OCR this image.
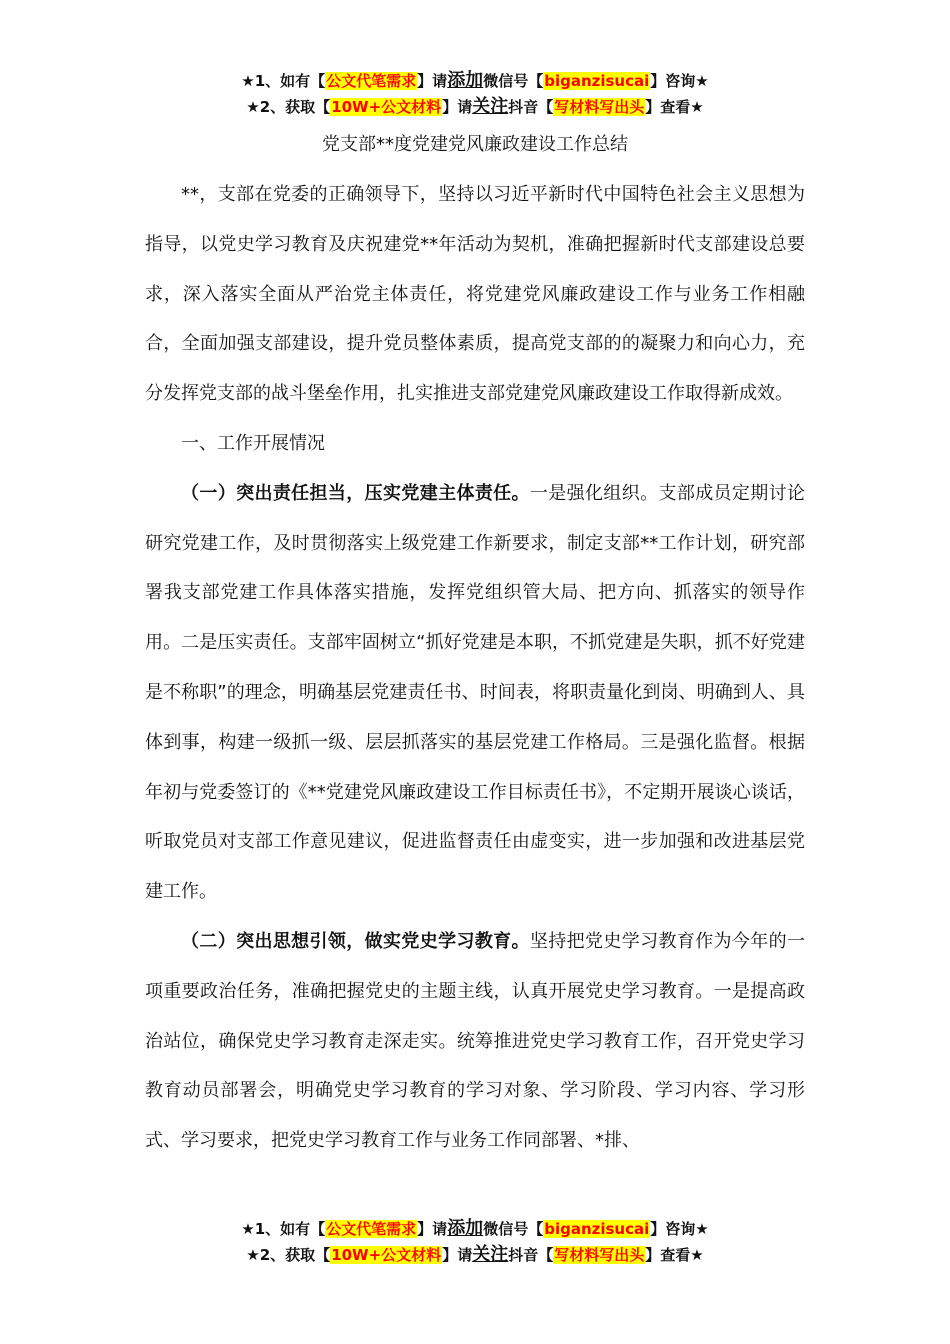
★1、如有【公文代笔需求】请添加微信号【biganzisucai】咨询★
★2、获取【10W+公文材料】请关注抖音【写材料写出头】查看★
党支部**度党建党风廉政建设工作总结

**，支部在党委的正确领导下，坚持以习近平新时代中国特色社会主义思想为指导，以党史学习教育及庆祝建党**年活动为契机，准确把握新时代支部建设总要求，深入落实全面从严治党主体责任，将党建党风廉政建设工作与业务工作相融合，全面加强支部建设，提升党员整体素质，提高党支部的的凝聚力和向心力，充分发挥党支部的战斗堡垒作用，扎实推进支部党建党风廉政建设工作取得新成效。

一、工作开展情况

（一）突出责任担当，压实党建主体责任。一是强化组织。支部成员定期讨论研究党建工作，及时贯彻落实上级党建工作新要求，制定支部**工作计划，研究部署我支部党建工作具体落实措施，发挥党组织管大局、把方向、抓落实的领导作用。二是压实责任。支部牢固树立“抓好党建是本职，不抓党建是失职，抓不好党建是不称职”的理念，明确基层党建责任书、时间表，将职责量化到岗、明确到人、具体到事，构建一级抓一级、层层抓落实的基层党建工作格局。三是强化监督。根据年初与党委签订的《**党建党风廉政建设工作目标责任书》，不定期开展谈心谈话，听取党员对支部工作意见建议，促进监督责任由虚变实，进一步加强和改进基层党建工作。

（二）突出思想引领，做实党史学习教育。坚持把党史学习教育作为今年的一项重要政治任务，准确把握党史的主题主线，认真开展党史学习教育。一是提高政治站位，确保党史学习教育走深走实。统筹推进党史学习教育工作，召开党史学习教育动员部署会，明确党史学习教育的学习对象、学习阶段、学习内容、学习形式、学习要求，把党史学习教育工作与业务工作同部署、*排、

★1、如有【公文代笔需求】请添加微信号【biganzisucai】咨询★
★2、获取【10W+公文材料】请关注抖音【写材料写出头】查看★
